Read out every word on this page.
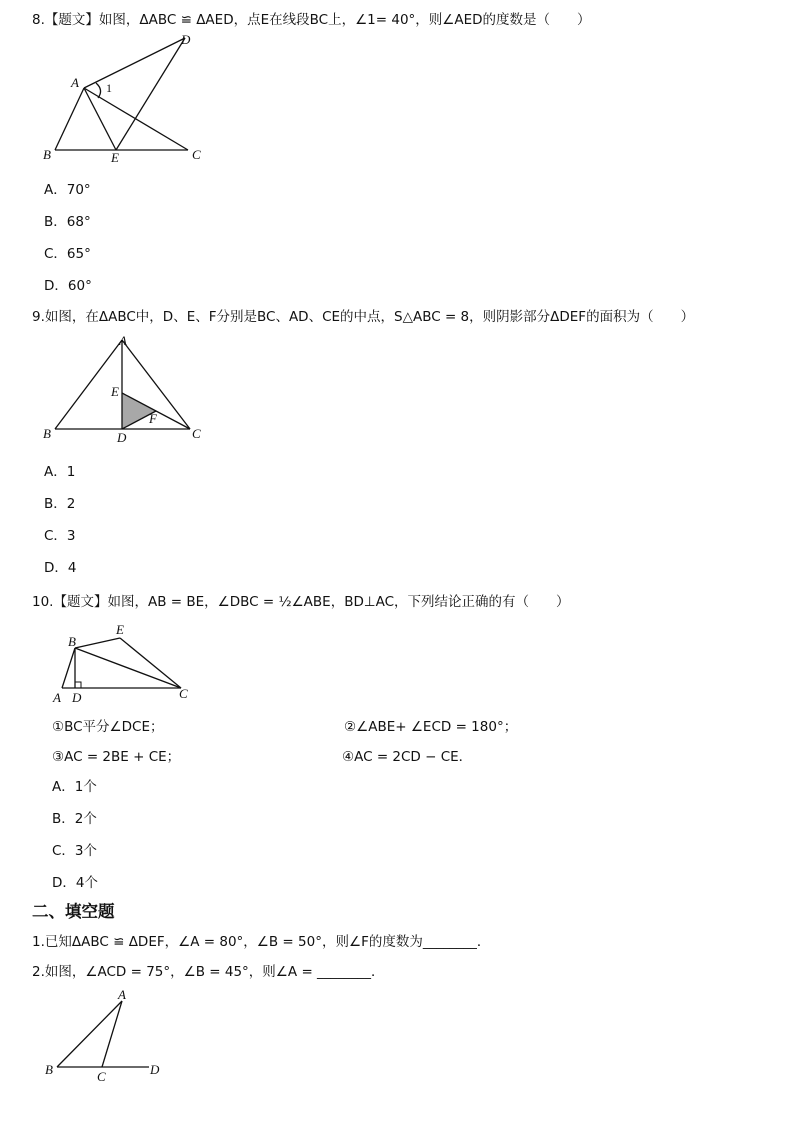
8.【题文】如图，ΔABC ≌ ΔAED，点E在线段BC上，∠1= 40°，则∠AED的度数是（　　）
A
D
B	E	C
1
A．70°
B．68°
C．65°
D．60°
9.如图，在ΔABC中，D、E、F分别是BC、AD、CE的中点，S△ABC = 8，则阴影部分ΔDEF的面积为（　　）
A
E
F
B	D	C
A．1
B．2
C．3
D．4
10.【题文】如图，AB = BE，∠DBC = ½∠ABE，BD⊥AC，下列结论正确的有（　　）
B
E
A D	C
①BC平分∠DCE；	②∠ABE+ ∠ECD = 180°；
③AC = 2BE + CE；	④AC = 2CD − CE．
A．1个
B．2个
C．3个
D．4个
二、填空题
1.已知ΔABC ≌ ΔDEF，∠A = 80°，∠B = 50°，则∠F的度数为________．
2.如图，∠ACD = 75°，∠B = 45°，则∠A = ________．
A
B	C	D
